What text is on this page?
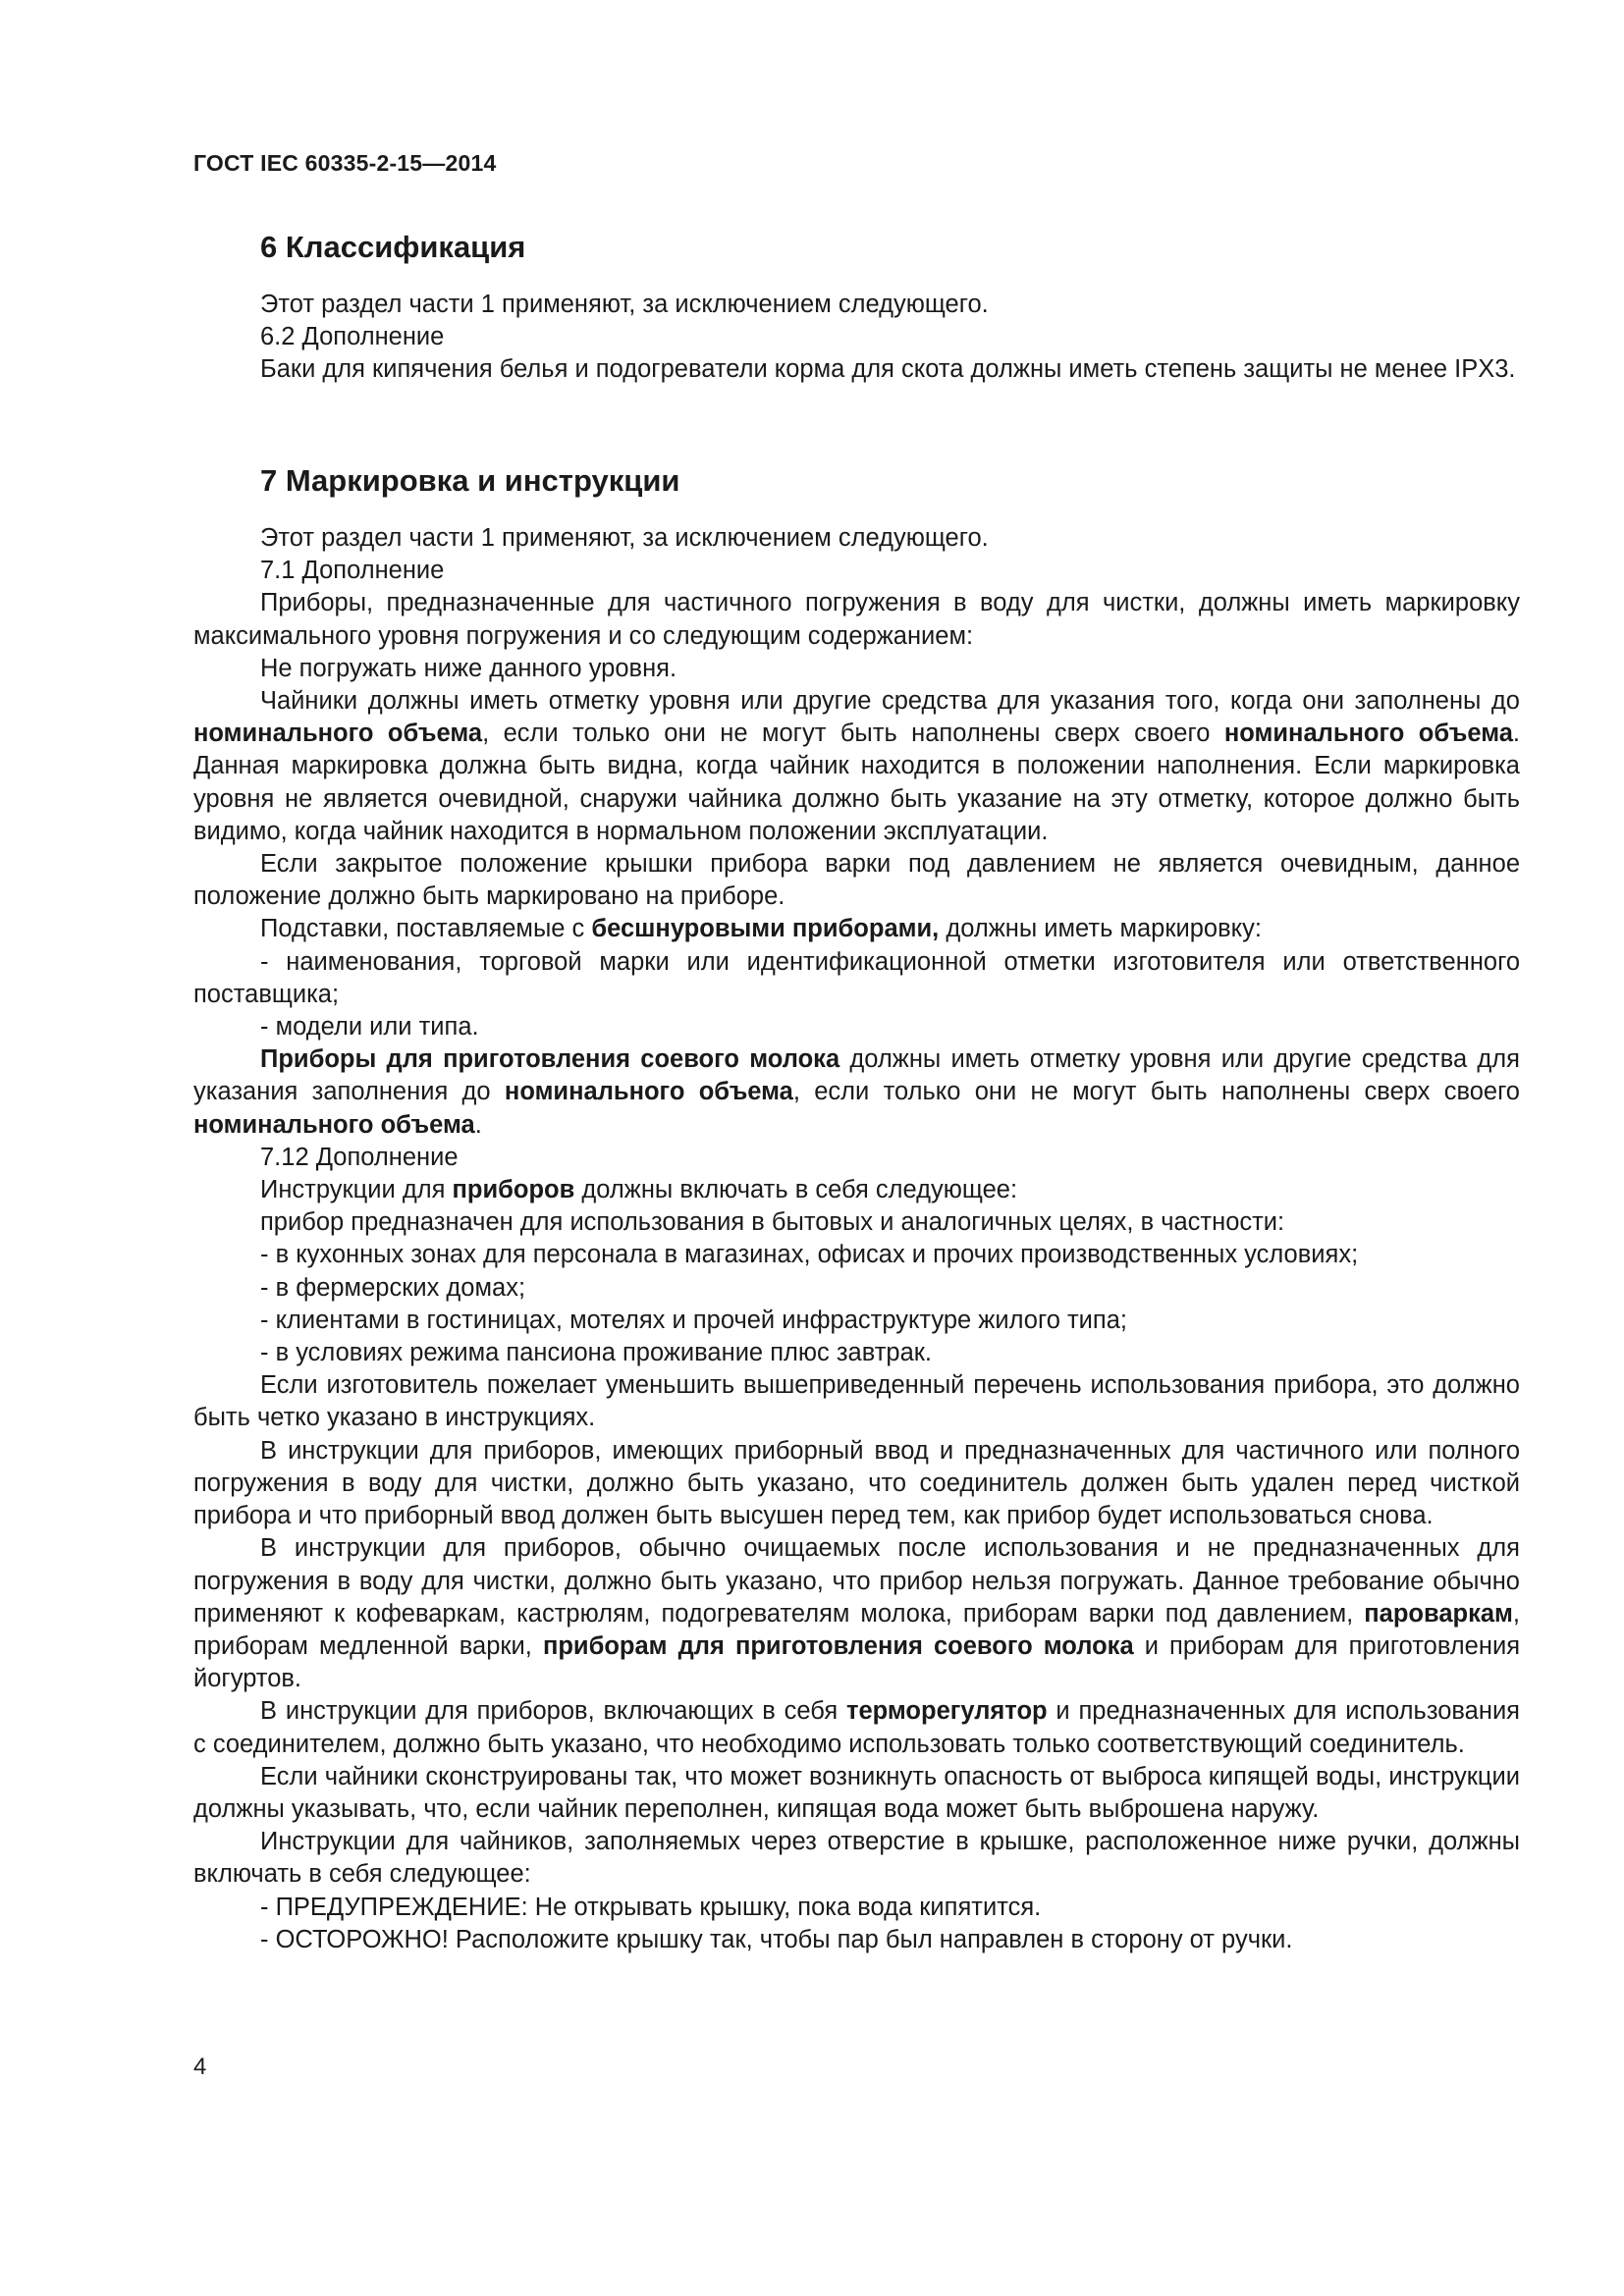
ГОСТ IEC 60335-2-15—2014
6 Классификация

Этот раздел части 1 применяют, за исключением следующего.

6.2 Дополнение

Баки для кипячения белья и подогреватели корма для скота должны иметь степень защиты не менее IPX3.

7 Маркировка и инструкции

Этот раздел части 1 применяют, за исключением следующего.

7.1 Дополнение

Приборы, предназначенные для частичного погружения в воду для чистки, должны иметь маркировку максимального уровня погружения и со следующим содержанием:

Не погружать ниже данного уровня.

Чайники должны иметь отметку уровня или другие средства для указания того, когда они заполнены до номинального объема, если только они не могут быть наполнены сверх своего номинального объема. Данная маркировка должна быть видна, когда чайник находится в положении наполнения. Если маркировка уровня не является очевидной, снаружи чайника должно быть указание на эту отметку, которое должно быть видимо, когда чайник находится в нормальном положении эксплуатации.

Если закрытое положение крышки прибора варки под давлением не является очевидным, данное положение должно быть маркировано на приборе.

Подставки, поставляемые с бесшнуровыми приборами, должны иметь маркировку:

- наименования, торговой марки или идентификационной отметки изготовителя или ответственного поставщика;

- модели или типа.

Приборы для приготовления соевого молока должны иметь отметку уровня или другие средства для указания заполнения до номинального объема, если только они не могут быть наполнены сверх своего номинального объема.

7.12 Дополнение

Инструкции для приборов должны включать в себя следующее:

прибор предназначен для использования в бытовых и аналогичных целях, в частности:

- в кухонных зонах для персонала в магазинах, офисах и прочих производственных условиях;

- в фермерских домах;

- клиентами в гостиницах, мотелях и прочей инфраструктуре жилого типа;

- в условиях режима пансиона проживание плюс завтрак.

Если изготовитель пожелает уменьшить вышеприведенный перечень использования прибора, это должно быть четко указано в инструкциях.

В инструкции для приборов, имеющих приборный ввод и предназначенных для частичного или полного погружения в воду для чистки, должно быть указано, что соединитель должен быть удален перед чисткой прибора и что приборный ввод должен быть высушен перед тем, как прибор будет использоваться снова.

В инструкции для приборов, обычно очищаемых после использования и не предназначенных для погружения в воду для чистки, должно быть указано, что прибор нельзя погружать. Данное требование обычно применяют к кофеваркам, кастрюлям, подогревателям молока, приборам варки под давлением, пароваркам, приборам медленной варки, приборам для приготовления соевого молока и приборам для приготовления йогуртов.

В инструкции для приборов, включающих в себя терморегулятор и предназначенных для использования с соединителем, должно быть указано, что необходимо использовать только соответствующий соединитель.

Если чайники сконструированы так, что может возникнуть опасность от выброса кипящей воды, инструкции должны указывать, что, если чайник переполнен, кипящая вода может быть выброшена наружу.

Инструкции для чайников, заполняемых через отверстие в крышке, расположенное ниже ручки, должны включать в себя следующее:

- ПРЕДУПРЕЖДЕНИЕ: Не открывать крышку, пока вода кипятится.

- ОСТОРОЖНО! Расположите крышку так, чтобы пар был направлен в сторону от ручки.

4
